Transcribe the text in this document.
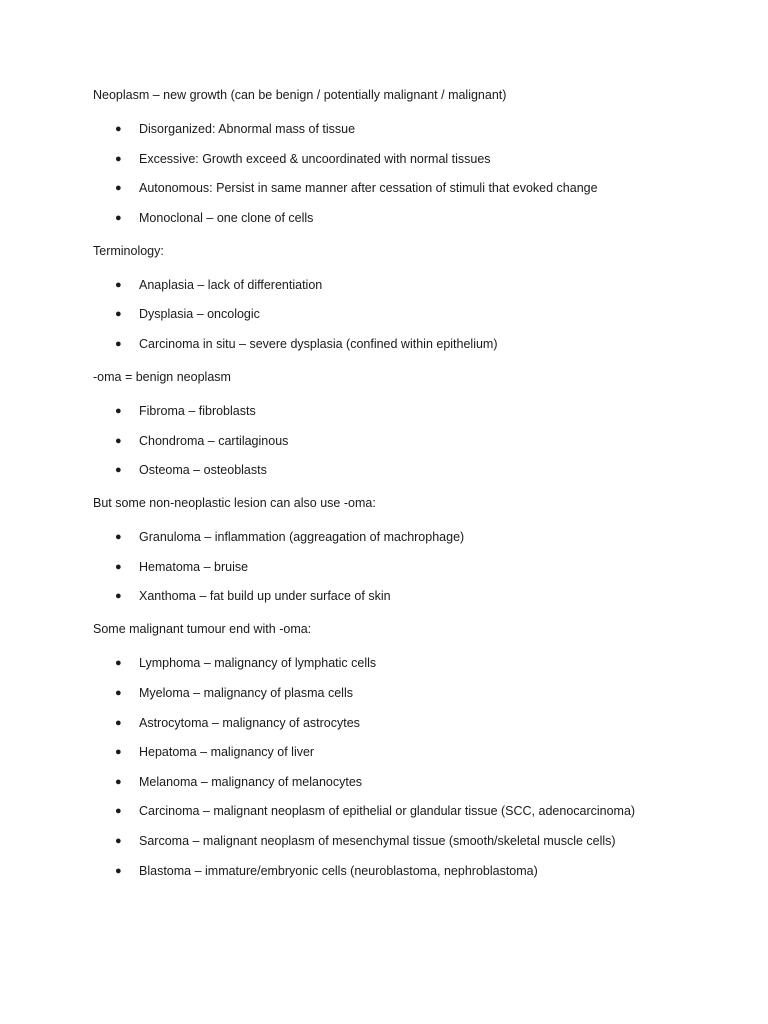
Neoplasm – new growth (can be benign / potentially malignant / malignant)

● Disorganized: Abnormal mass of tissue
● Excessive: Growth exceed & uncoordinated with normal tissues
● Autonomous: Persist in same manner after cessation of stimuli that evoked change
● Monoclonal – one clone of cells

Terminology:

● Anaplasia – lack of differentiation
● Dysplasia – oncologic
● Carcinoma in situ – severe dysplasia (confined within epithelium)

-oma = benign neoplasm

● Fibroma – fibroblasts
● Chondroma – cartilaginous
● Osteoma – osteoblasts

But some non-neoplastic lesion can also use -oma:

● Granuloma – inflammation (aggreagation of machrophage)
● Hematoma – bruise
● Xanthoma – fat build up under surface of skin

Some malignant tumour end with -oma:

● Lymphoma – malignancy of lymphatic cells
● Myeloma – malignancy of plasma cells
● Astrocytoma – malignancy of astrocytes
● Hepatoma – malignancy of liver
● Melanoma – malignancy of melanocytes
● Carcinoma – malignant neoplasm of epithelial or glandular tissue (SCC, adenocarcinoma)
● Sarcoma – malignant neoplasm of mesenchymal tissue (smooth/skeletal muscle cells)
● Blastoma – immature/embryonic cells (neuroblastoma, nephroblastoma)
